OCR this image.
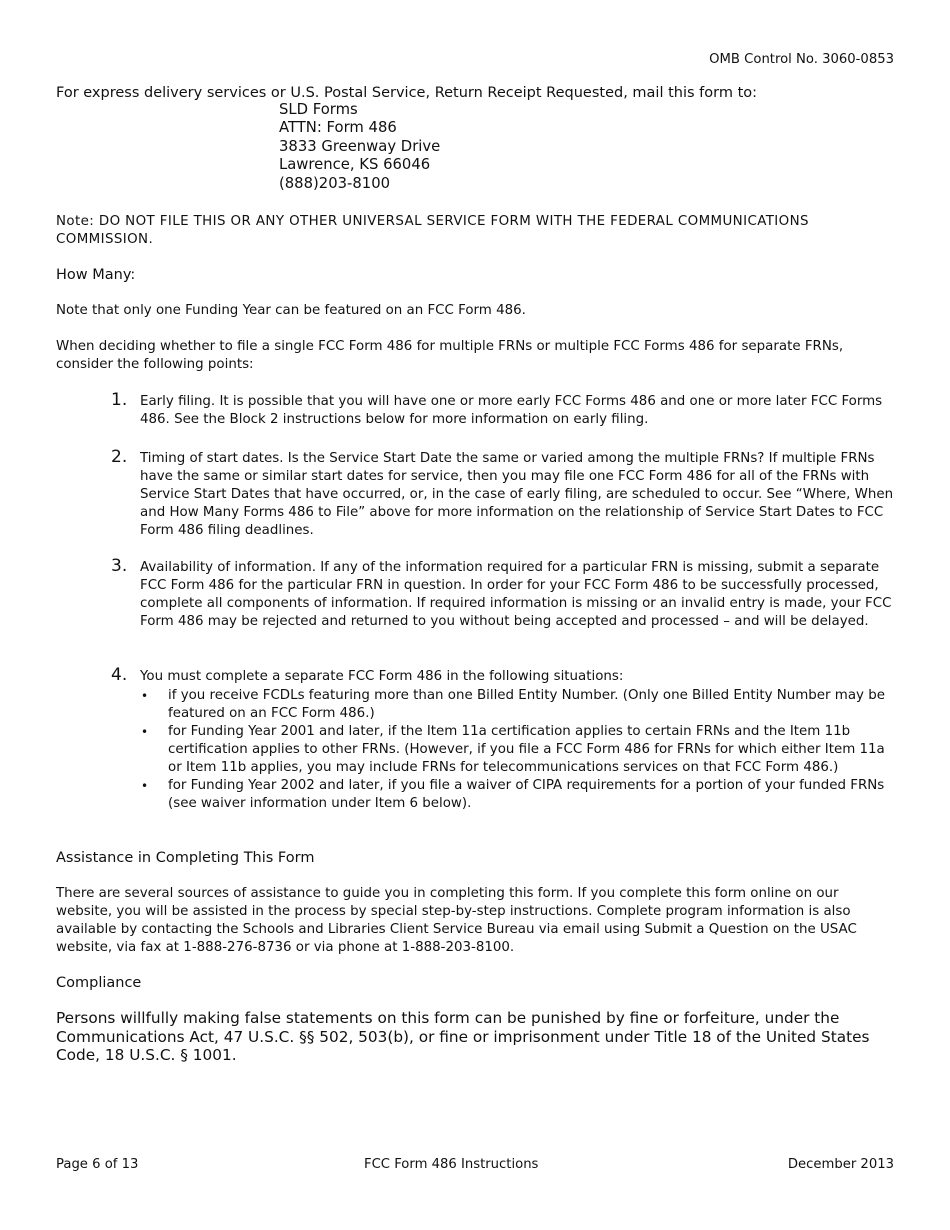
OMB Control No. 3060-0853

For express delivery services or U.S. Postal Service, Return Receipt Requested, mail this form to:

SLD Forms
ATTN: Form 486
3833 Greenway Drive
Lawrence, KS 66046
(888)203-8100

Note: DO NOT FILE THIS OR ANY OTHER UNIVERSAL SERVICE FORM WITH THE FEDERAL COMMUNICATIONS COMMISSION.

How Many:

Note that only one Funding Year can be featured on an FCC Form 486.

When deciding whether to file a single FCC Form 486 for multiple FRNs or multiple FCC Forms 486 for separate FRNs, consider the following points:

1. Early filing. It is possible that you will have one or more early FCC Forms 486 and one or more later FCC Forms 486. See the Block 2 instructions below for more information on early filing.
2. Timing of start dates. Is the Service Start Date the same or varied among the multiple FRNs? If multiple FRNs have the same or similar start dates for service, then you may file one FCC Form 486 for all of the FRNs with Service Start Dates that have occurred, or, in the case of early filing, are scheduled to occur. See “Where, When and How Many Forms 486 to File” above for more information on the relationship of Service Start Dates to FCC Form 486 filing deadlines.
3. Availability of information. If any of the information required for a particular FRN is missing, submit a separate FCC Form 486 for the particular FRN in question. In order for your FCC Form 486 to be successfully processed, complete all components of information. If required information is missing or an invalid entry is made, your FCC Form 486 may be rejected and returned to you without being accepted and processed – and will be delayed.
4. You must complete a separate FCC Form 486 in the following situations:
• if you receive FCDLs featuring more than one Billed Entity Number. (Only one Billed Entity Number may be featured on an FCC Form 486.)
• for Funding Year 2001 and later, if the Item 11a certification applies to certain FRNs and the Item 11b certification applies to other FRNs. (However, if you file a FCC Form 486 for FRNs for which either Item 11a or Item 11b applies, you may include FRNs for telecommunications services on that FCC Form 486.)
• for Funding Year 2002 and later, if you file a waiver of CIPA requirements for a portion of your funded FRNs (see waiver information under Item 6 below).

Assistance in Completing This Form

There are several sources of assistance to guide you in completing this form. If you complete this form online on our website, you will be assisted in the process by special step-by-step instructions. Complete program information is also available by contacting the Schools and Libraries Client Service Bureau via email using Submit a Question on the USAC website, via fax at 1-888-276-8736 or via phone at 1-888-203-8100.

Compliance

Persons willfully making false statements on this form can be punished by fine or forfeiture, under the Communications Act, 47 U.S.C. §§ 502, 503(b), or fine or imprisonment under Title 18 of the United States Code, 18 U.S.C. § 1001.

Page 6 of 13	FCC Form 486 Instructions	December 2013
